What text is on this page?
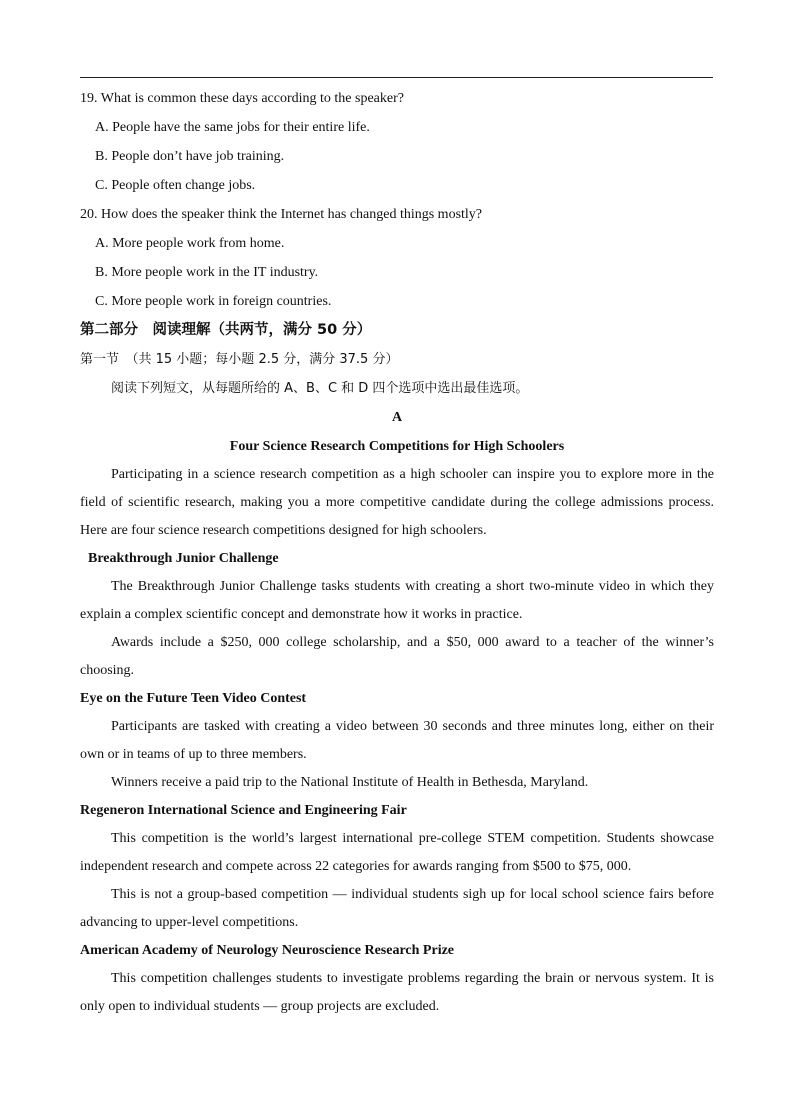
19. What is common these days according to the speaker?
A. People have the same jobs for their entire life.
B. People don’t have job training.
C. People often change jobs.
20. How does the speaker think the Internet has changed things mostly?
A. More people work from home.
B. More people work in the IT industry.
C. More people work in foreign countries.
第二部分　阅读理解（共两节，满分 50 分）
第一节　（共 15 小题；每小题 2.5 分，满分 37.5 分）
阅读下列短文，从每题所给的 A、B、C 和 D 四个选项中选出最佳选项。
A
Four Science Research Competitions for High Schoolers

Participating in a science research competition as a high schooler can inspire you to explore more in the field of scientific research, making you a more competitive candidate during the college admissions process. Here are four science research competitions designed for high schoolers.

Breakthrough Junior Challenge

The Breakthrough Junior Challenge tasks students with creating a short two-minute video in which they explain a complex scientific concept and demonstrate how it works in practice.

Awards include a $250, 000 college scholarship, and a $50, 000 award to a teacher of the winner’s choosing.

Eye on the Future Teen Video Contest

Participants are tasked with creating a video between 30 seconds and three minutes long, either on their own or in teams of up to three members.

Winners receive a paid trip to the National Institute of Health in Bethesda, Maryland.

Regeneron International Science and Engineering Fair

This competition is the world’s largest international pre-college STEM competition. Students showcase independent research and compete across 22 categories for awards ranging from $500 to $75, 000.

This is not a group-based competition — individual students sigh up for local school science fairs before advancing to upper-level competitions.

American Academy of Neurology Neuroscience Research Prize

This competition challenges students to investigate problems regarding the brain or nervous system. It is only open to individual students — group projects are excluded.
